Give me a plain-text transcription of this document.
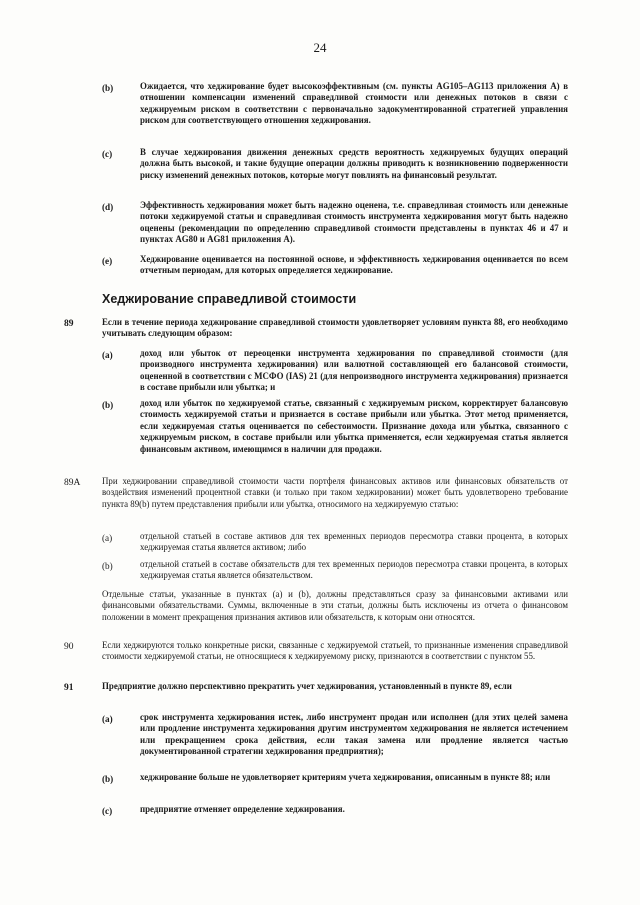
24
(b)	Ожидается, что хеджирование будет высокоэффективным (см. пункты AG105–AG113 приложения А) в отношении компенсации изменений справедливой стоимости или денежных потоков в связи с хеджируемым риском в соответствии с первоначально задокументированной стратегией управления риском для соответствующего отношения хеджирования.
(c)	В случае хеджирования движения денежных средств вероятность хеджируемых будущих операций должна быть высокой, и такие будущие операции должны приводить к возникновению подверженности риску изменений денежных потоков, которые могут повлиять на финансовый результат.
(d)	Эффективность хеджирования может быть надежно оценена, т.е. справедливая стоимость или денежные потоки хеджируемой статьи и справедливая стоимость инструмента хеджирования могут быть надежно оценены (рекомендации по определению справедливой стоимости представлены в пунктах 46 и 47 и пунктах AG80 и AG81 приложения А).
(e)	Хеджирование оценивается на постоянной основе, и эффективность хеджирования оценивается по всем отчетным периодам, для которых определяется хеджирование.
Хеджирование справедливой стоимости
89	Если в течение периода хеджирование справедливой стоимости удовлетворяет условиям пункта 88, его необходимо учитывать следующим образом:
(a)	доход или убыток от переоценки инструмента хеджирования по справедливой стоимости (для производного инструмента хеджирования) или валютной составляющей его балансовой стоимости, оцененной в соответствии с МСФО (IAS) 21 (для непроизводного инструмента хеджирования) признается в составе прибыли или убытка; и
(b)	доход или убыток по хеджируемой статье, связанный с хеджируемым риском, корректирует балансовую стоимость хеджируемой статьи и признается в составе прибыли или убытка. Этот метод применяется, если хеджируемая статья оценивается по себестоимости. Признание дохода или убытка, связанного с хеджируемым риском, в составе прибыли или убытка применяется, если хеджируемая статья является финансовым активом, имеющимся в наличии для продажи.
89А При хеджировании справедливой стоимости части портфеля финансовых активов или финансовых обязательств от воздействия изменений процентной ставки (и только при таком хеджировании) может быть удовлетворено требование пункта 89(b) путем представления прибыли или убытка, относимого на хеджируемую статью:
(a)	отдельной статьей в составе активов для тех временных периодов пересмотра ставки процента, в которых хеджируемая статья является активом; либо
(b)	отдельной статьей в составе обязательств для тех временных периодов пересмотра ставки процента, в которых хеджируемая статья является обязательством.
Отдельные статьи, указанные в пунктах (a) и (b), должны представляться сразу за финансовыми активами или финансовыми обязательствами. Суммы, включенные в эти статьи, должны быть исключены из отчета о финансовом положении в момент прекращения признания активов или обязательств, к которым они относятся.
90	Если хеджируются только конкретные риски, связанные с хеджируемой статьей, то признанные изменения справедливой стоимости хеджируемой статьи, не относящиеся к хеджируемому риску, признаются в соответствии с пунктом 55.
91	Предприятие должно перспективно прекратить учет хеджирования, установленный в пункте 89, если
(a)	срок инструмента хеджирования истек, либо инструмент продан или исполнен (для этих целей замена или продление инструмента хеджирования другим инструментом хеджирования не является истечением или прекращением срока действия, если такая замена или продление является частью документированной стратегии хеджирования предприятия);
(b)	хеджирование больше не удовлетворяет критериям учета хеджирования, описанным в пункте 88; или
(c)	предприятие отменяет определение хеджирования.
